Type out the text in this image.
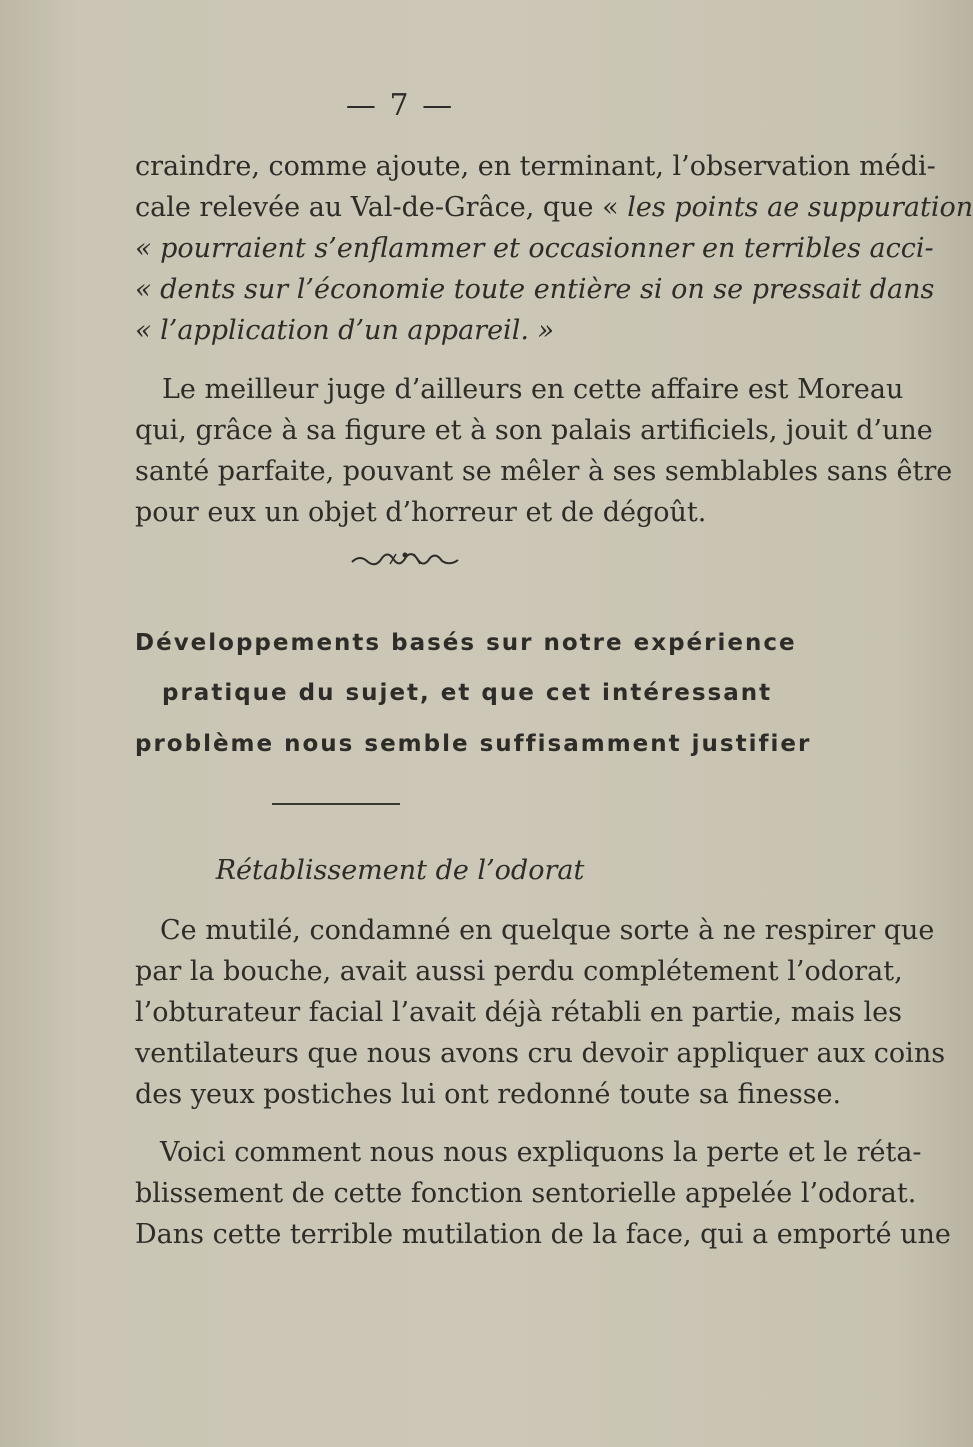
— 7 —
craindre, comme ajoute, en terminant, l’observation médi-
cale relevée au Val-de-Grâce, que « les points ae suppuration
« pourraient s’enflammer et occasionner en terribles acci-
« dents sur l’économie toute entière si on se pressait dans
« l’application d’un appareil. »
Le meilleur juge d’ailleurs en cette affaire est Moreau
qui, grâce à sa figure et à son palais artificiels, jouit d’une
santé parfaite, pouvant se mêler à ses semblables sans être
pour eux un objet d’horreur et de dégoût.
Développements basés sur notre expérience
pratique du sujet, et que cet intéressant
problème nous semble suffisamment justifier
Rétablissement de l’odorat
Ce mutilé, condamné en quelque sorte à ne respirer que
par la bouche, avait aussi perdu complétement l’odorat,
l’obturateur facial l’avait déjà rétabli en partie, mais les
ventilateurs que nous avons cru devoir appliquer aux coins
des yeux postiches lui ont redonné toute sa finesse.
Voici comment nous nous expliquons la perte et le réta-
blissement de cette fonction sentorielle appelée l’odorat.
Dans cette terrible mutilation de la face, qui a emporté une
